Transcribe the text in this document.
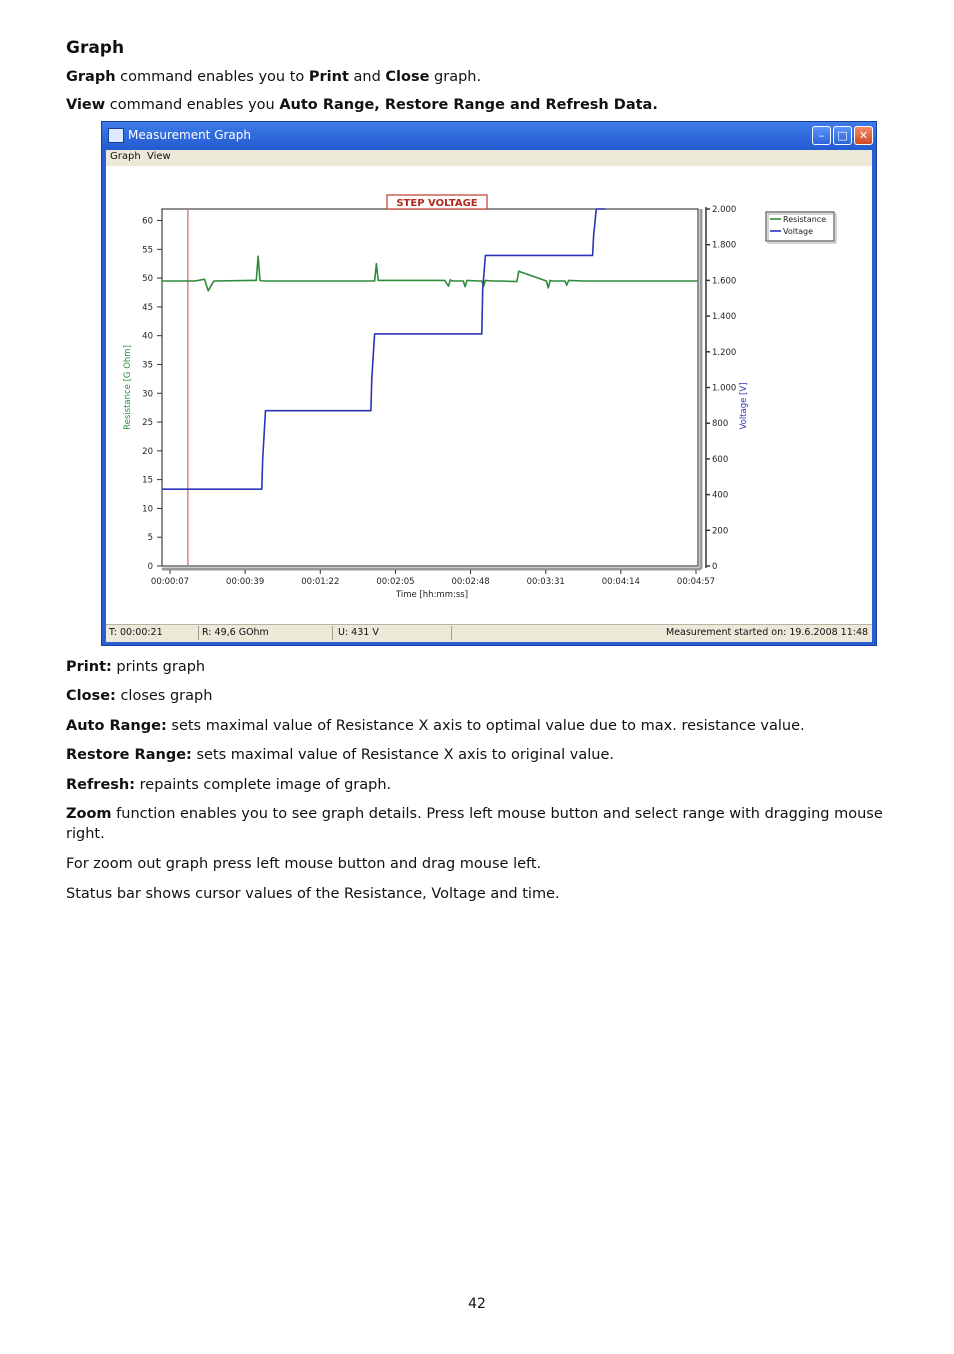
Graph
Graph command enables you to Print and Close graph.
View command enables you Auto Range, Restore Range and Refresh Data.
Measurement Graph	–	□	✕
Graph View
0
5
10
15
20
25
30
35
40
45
50
55
60
Resistance [G Ohm]
0
200
400
600
800
1.000
1.200
1.400
1.600
1.800
2.000
Voltage [V]
00:00:07	00:00:39	00:01:22	00:02:05	00:02:48	00:03:31	00:04:14	00:04:57
Time [hh:mm:ss]
Resistance
Voltage
STEP VOLTAGE
T: 00:00:21	R: 49,6 GOhm	U: 431 V	Measurement started on: 19.6.2008 11:48
Print: prints graph
Close: closes graph
Auto Range: sets maximal value of Resistance X axis to optimal value due to max. resistance value.
Restore Range: sets maximal value of Resistance X axis to original value.
Refresh: repaints complete image of graph.
Zoom function enables you to see graph details. Press left mouse button and select range with dragging mouse right.
For zoom out graph press left mouse button and drag mouse left.
Status bar shows cursor values of the Resistance, Voltage and time.
42
